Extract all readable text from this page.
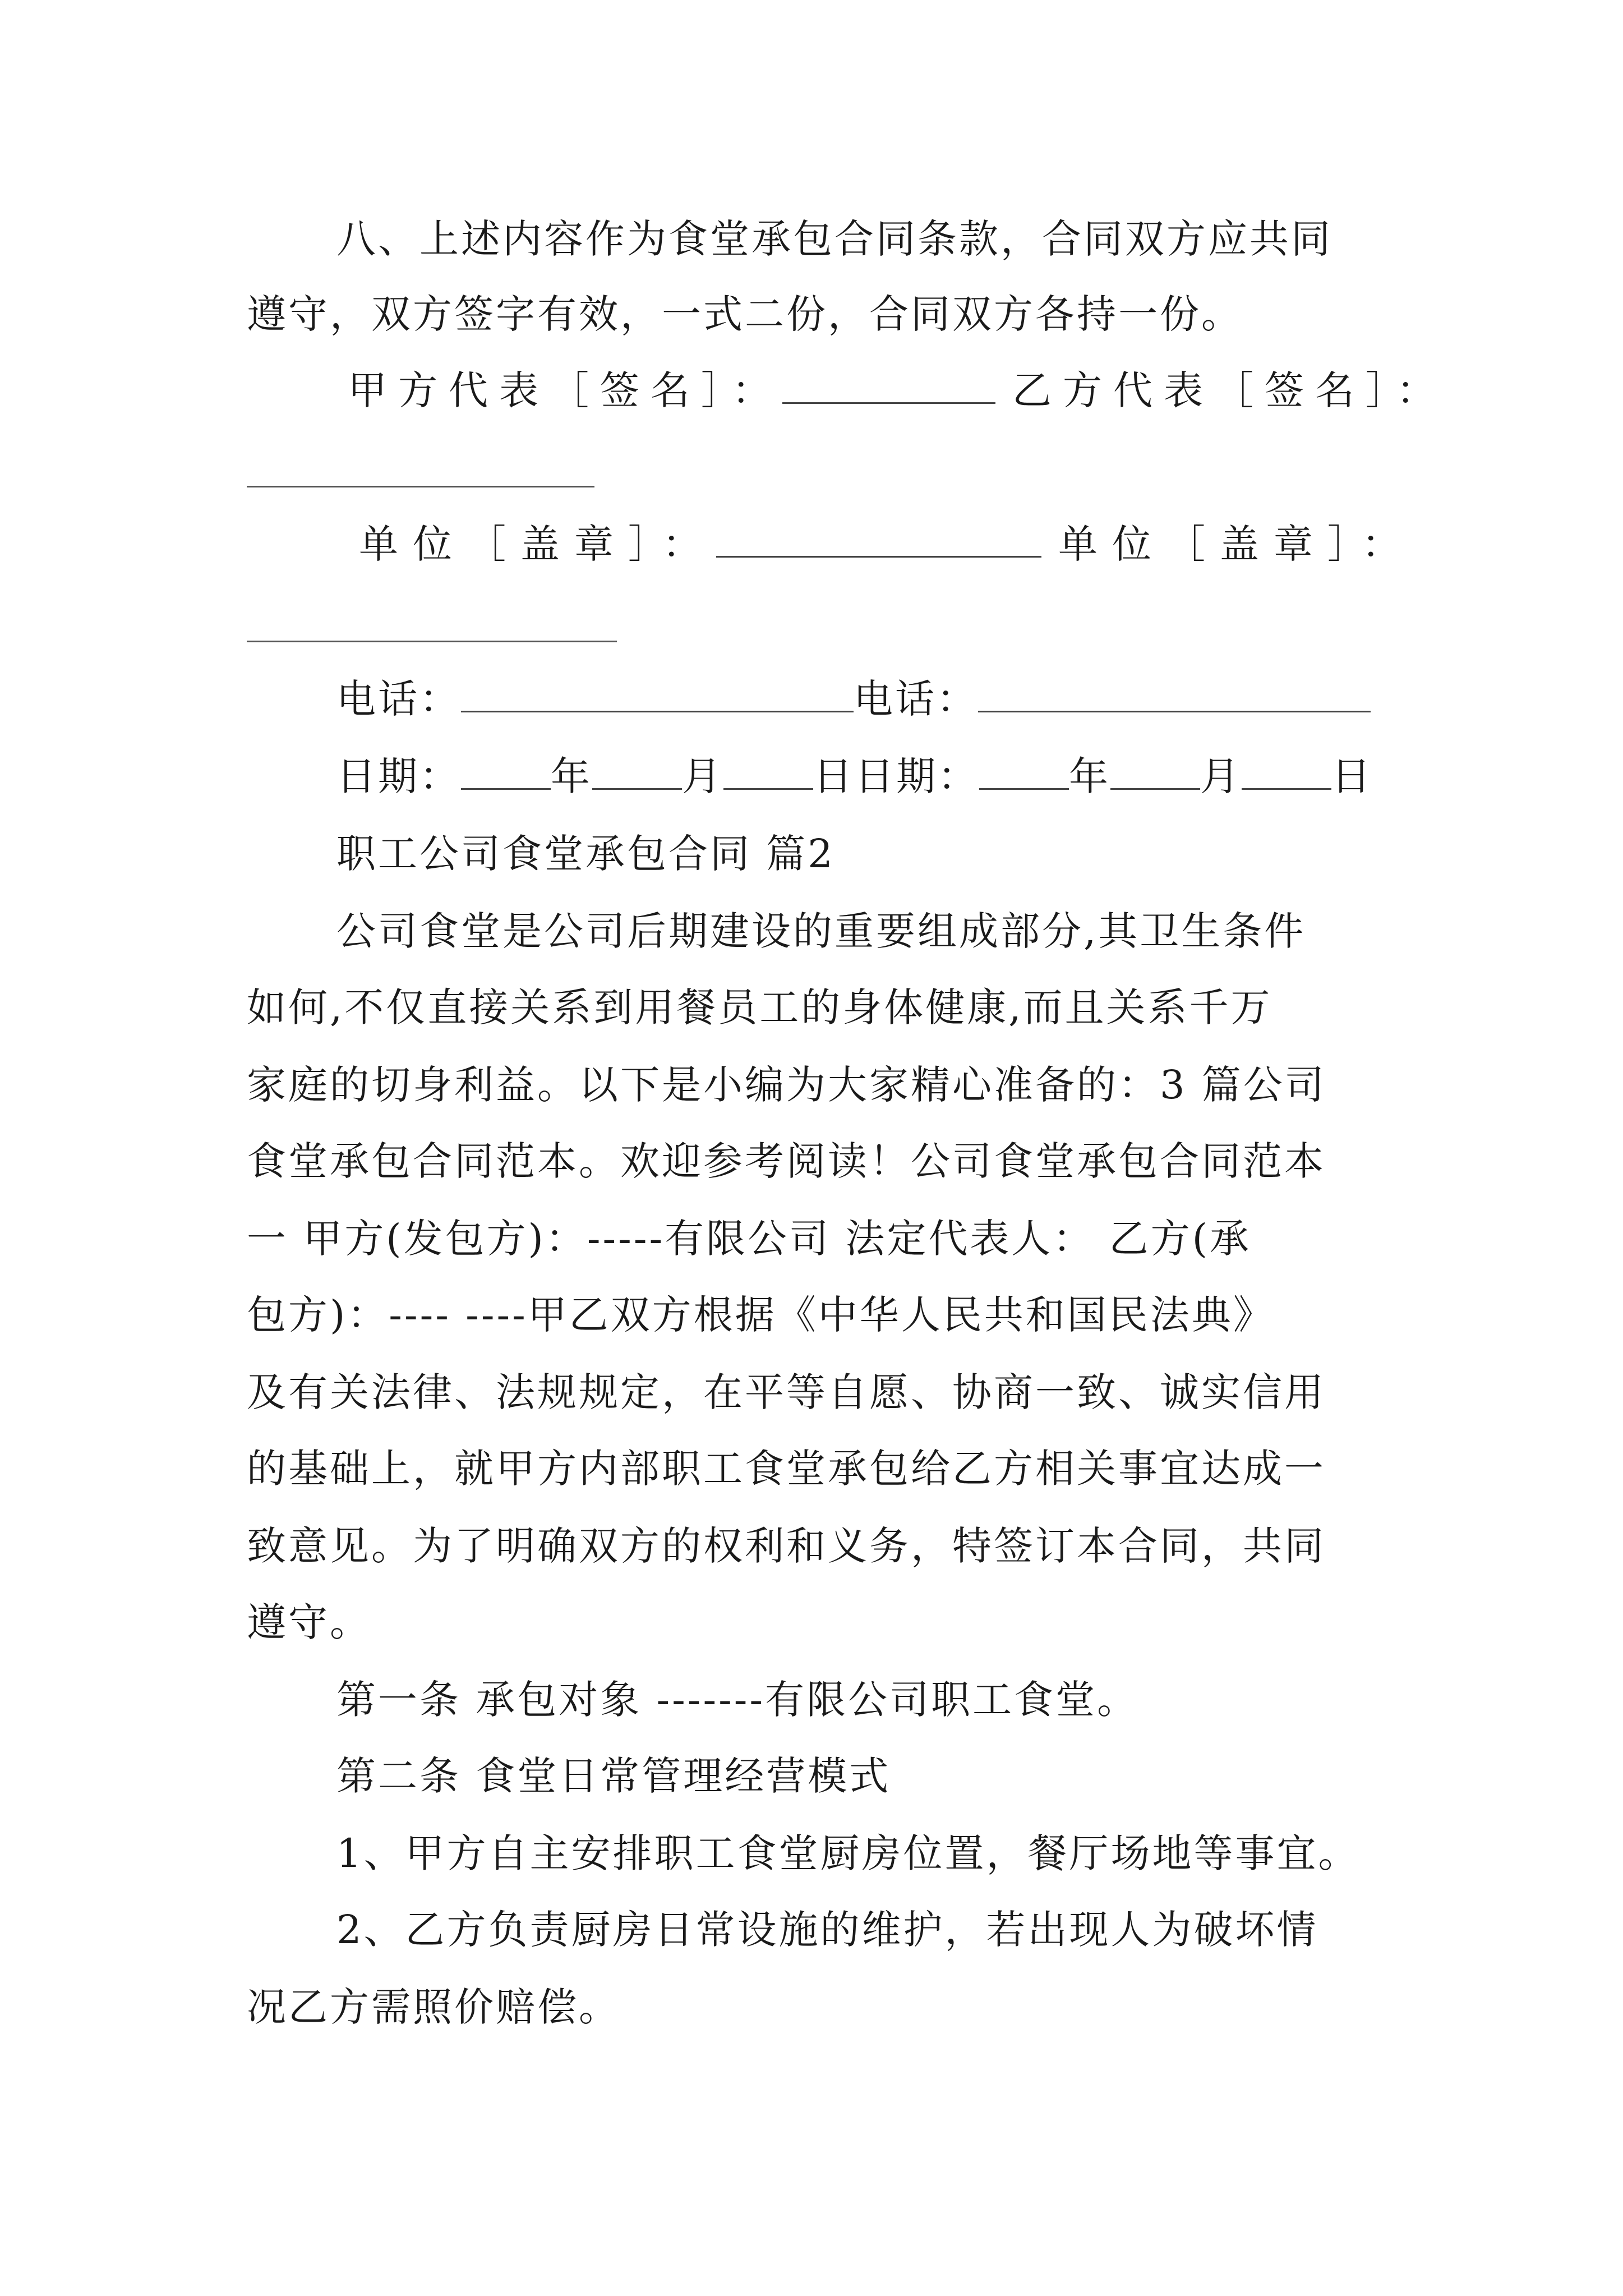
八、上述内容作为食堂承包合同条款，合同双方应共同
遵守，双方签字有效，一式二份，合同双方各持一份。
甲方代表［签名］：	乙方代表［签名］：
单位［盖章］：	单位［盖章］：
电话：	电话：
日期： 年 月 日日期： 年 月 日
职工公司食堂承包合同 篇2
公司食堂是公司后期建设的重要组成部分,其卫生条件
如何,不仅直接关系到用餐员工的身体健康,而且关系千万
家庭的切身利益。以下是小编为大家精心准备的：3 篇公司
食堂承包合同范本。欢迎参考阅读！公司食堂承包合同范本
一 甲方(发包方)：-----有限公司 法定代表人： 乙方(承
包方)：---- ----甲乙双方根据《中华人民共和国民法典》
及有关法律、法规规定，在平等自愿、协商一致、诚实信用
的基础上，就甲方内部职工食堂承包给乙方相关事宜达成一
致意见。为了明确双方的权利和义务，特签订本合同，共同
遵守。
第一条 承包对象 -------有限公司职工食堂。
第二条 食堂日常管理经营模式
1、甲方自主安排职工食堂厨房位置，餐厅场地等事宜。
2、乙方负责厨房日常设施的维护，若出现人为破坏情
况乙方需照价赔偿。
